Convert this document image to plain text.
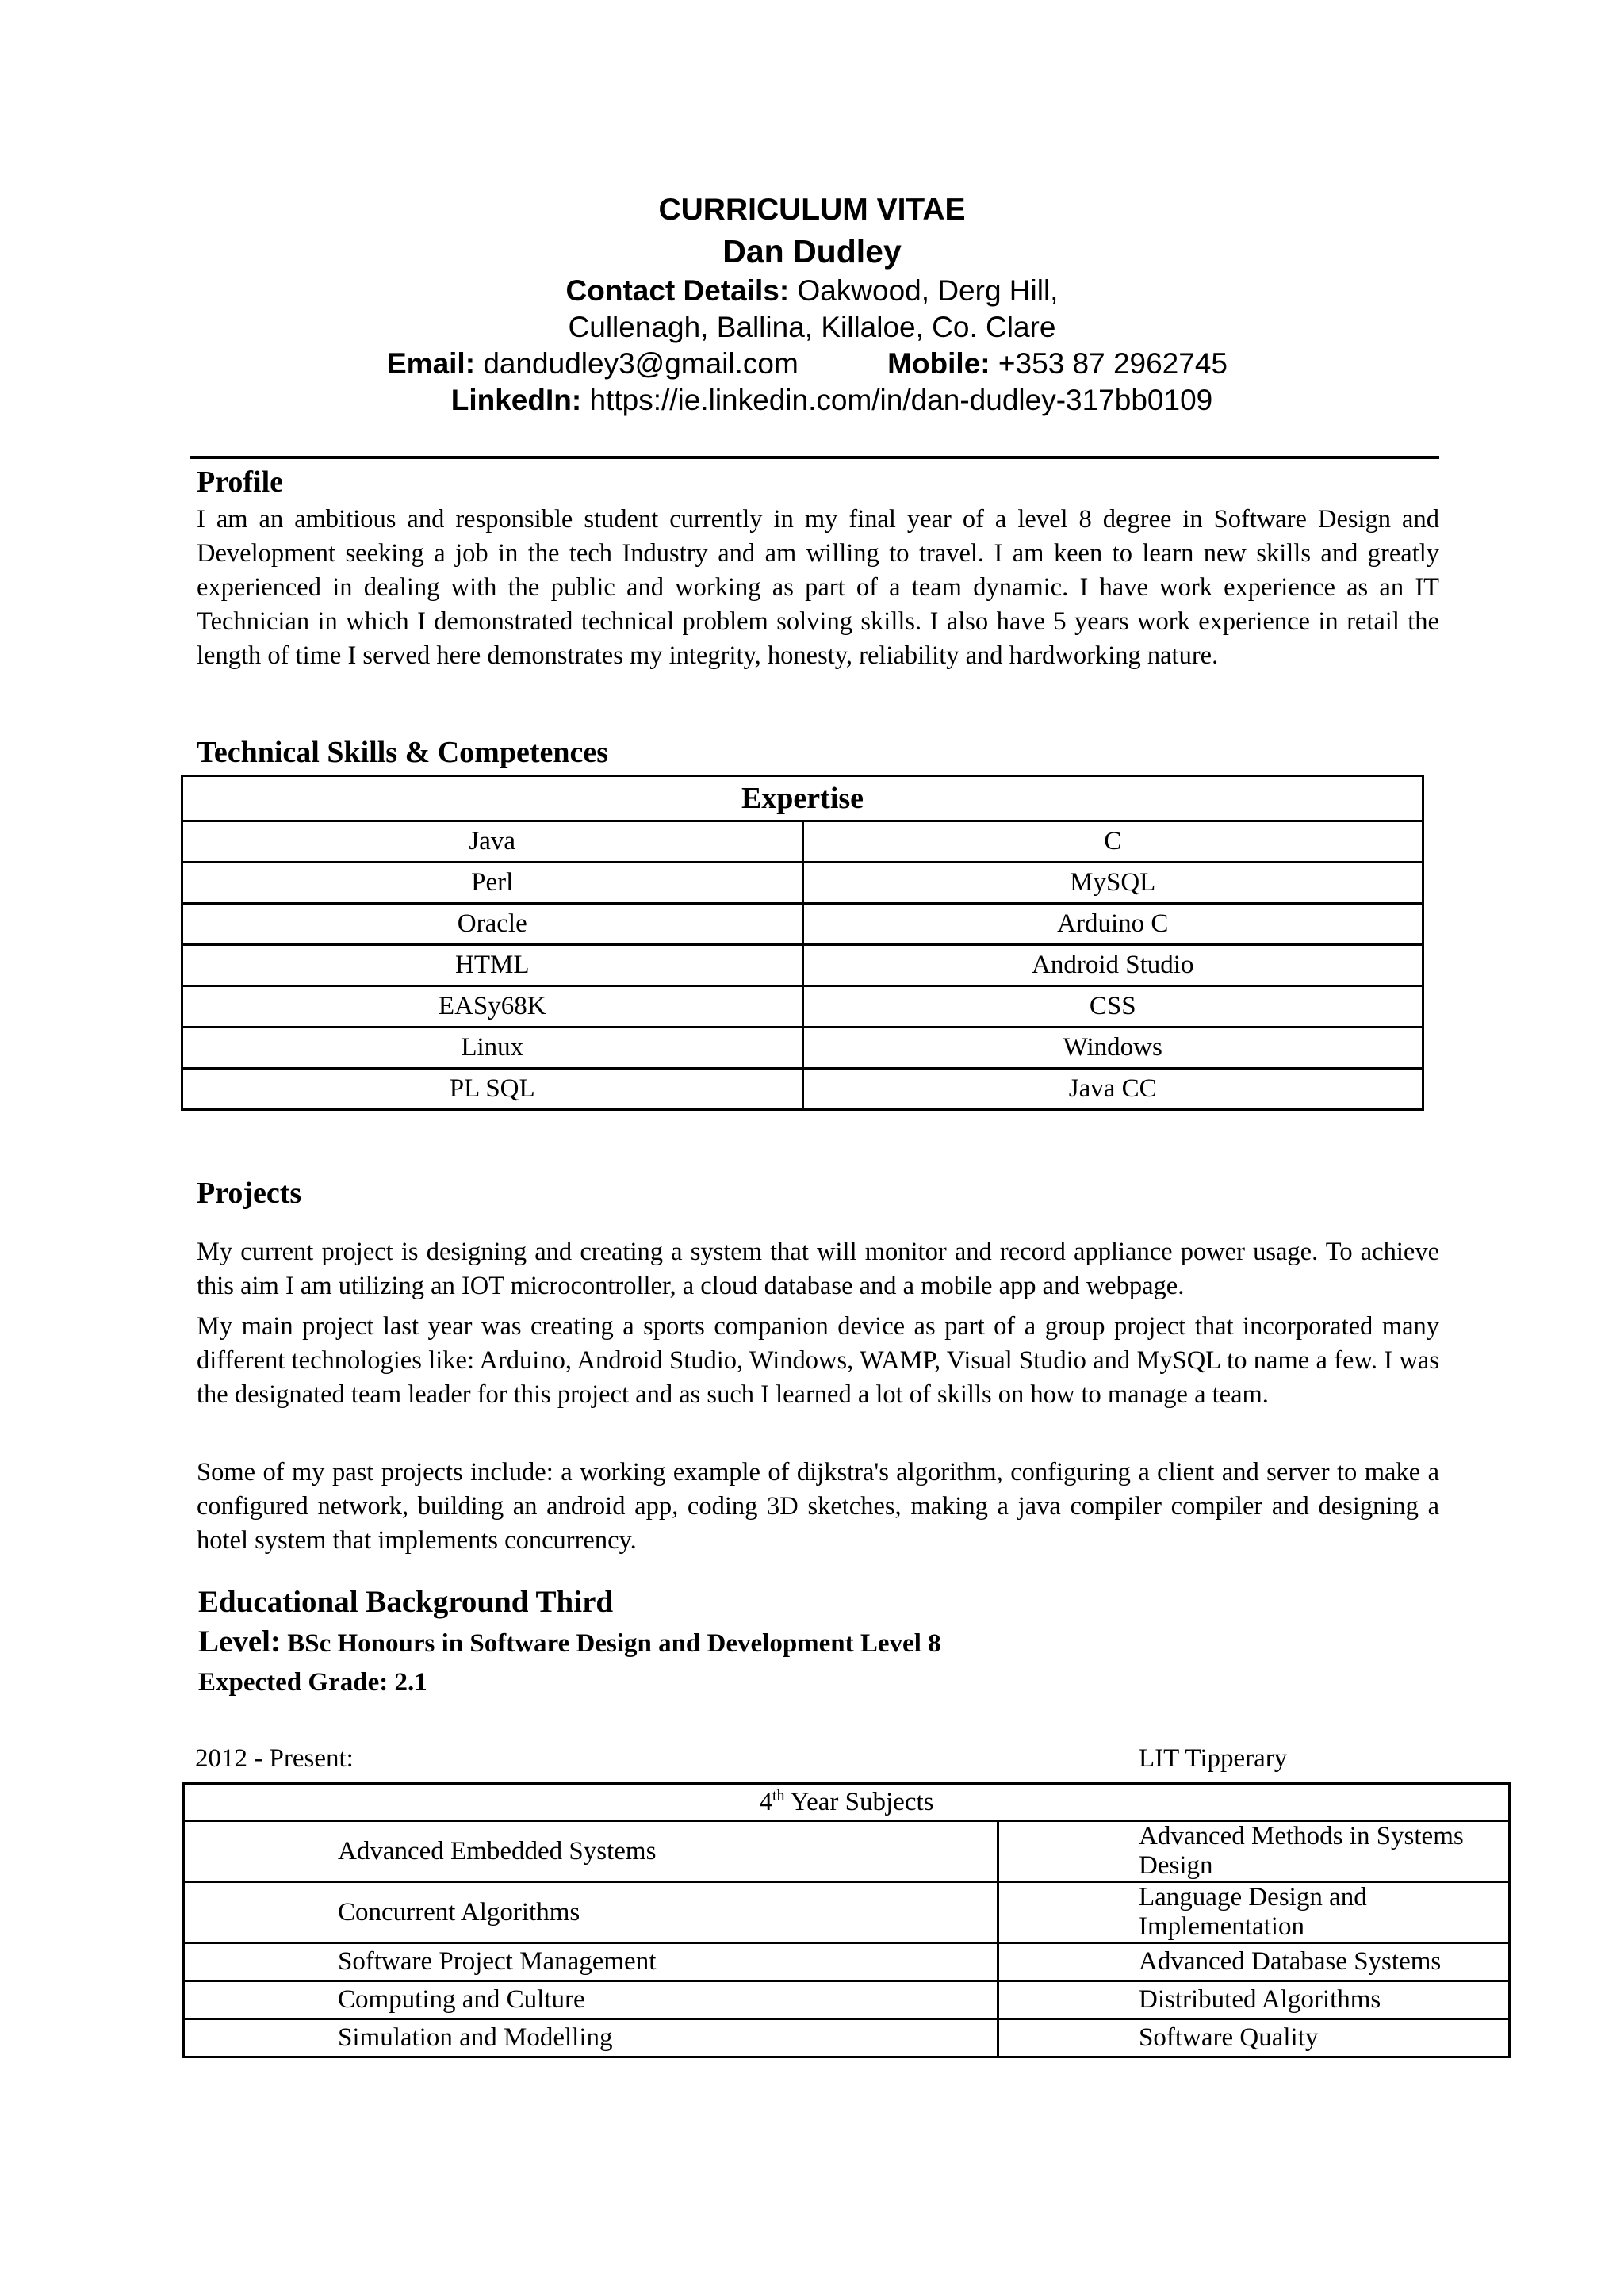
CURRICULUM VITAE
Dan Dudley
Contact Details: Oakwood, Derg Hill,
Cullenagh, Ballina, Killaloe, Co. Clare
Email: dandudley3@gmail.com	Mobile: +353 87 2962745
LinkedIn: https://ie.linkedin.com/in/dan-dudley-317bb0109
Profile

I am an ambitious and responsible student currently in my final year of a level 8 degree in Software Design and Development seeking a job in the tech Industry and am willing to travel. I am keen to learn new skills and greatly experienced in dealing with the public and working as part of a team dynamic. I have work experience as an IT Technician in which I demonstrated technical problem solving skills. I also have 5 years work experience in retail the length of time I served here demonstrates my integrity, honesty, reliability and hardworking nature.

Technical Skills & Competences
Expertise	
Java	C
Perl	MySQL
Oracle	Arduino C
HTML	Android Studio
EASy68K	CSS
Linux	Windows
PL SQL	Java CC
Projects

My current project is designing and creating a system that will monitor and record appliance power usage. To achieve this aim I am utilizing an IOT microcontroller, a cloud database and a mobile app and webpage.

My main project last year was creating a sports companion device as part of a group project that incorporated many different technologies like: Arduino, Android Studio, Windows, WAMP, Visual Studio and MySQL to name a few. I was the designated team leader for this project and as such I learned a lot of skills on how to manage a team.

Some of my past projects include: a working example of dijkstra's algorithm, configuring a client and server to make a configured network, building an android app, coding 3D sketches, making a java compiler compiler and designing a hotel system that implements concurrency.

Educational Background Third
Level: BSc Honours in Software Design and Development Level 8
Expected Grade: 2.1
2012 - Present:	LIT Tipperary
4th Year Subjects	
Advanced Embedded Systems	Advanced Methods in Systems Design
Concurrent Algorithms	Language Design and Implementation
Software Project Management	Advanced Database Systems
Computing and Culture	Distributed Algorithms
Simulation and Modelling	Software Quality
